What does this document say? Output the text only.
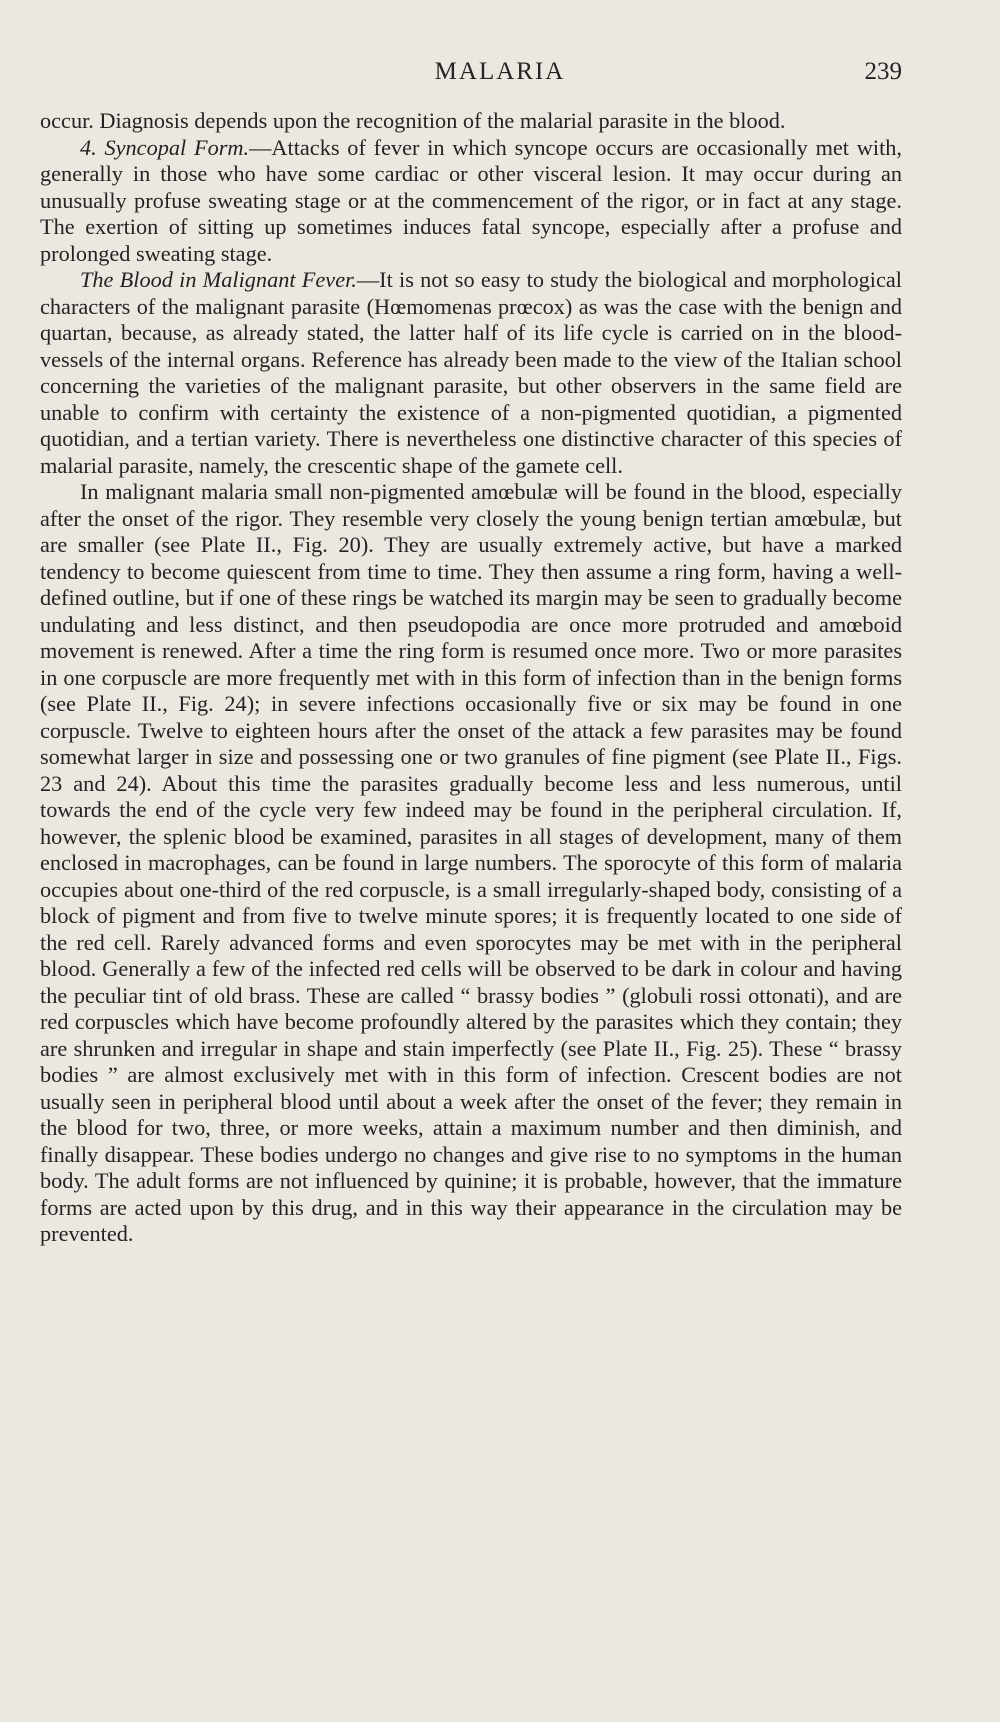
MALARIA	239

occur. Diagnosis depends upon the recognition of the malarial parasite in the blood.

4. Syncopal Form.—Attacks of fever in which syncope occurs are occasionally met with, generally in those who have some cardiac or other visceral lesion. It may occur during an unusually profuse sweating stage or at the commencement of the rigor, or in fact at any stage. The exertion of sitting up sometimes induces fatal syncope, especially after a profuse and prolonged sweating stage.

The Blood in Malignant Fever.—It is not so easy to study the biological and morphological characters of the malignant parasite (Hœmomenas prœcox) as was the case with the benign and quartan, because, as already stated, the latter half of its life cycle is carried on in the blood-vessels of the internal organs. Reference has already been made to the view of the Italian school concerning the varieties of the malignant parasite, but other observers in the same field are unable to confirm with certainty the existence of a non-pigmented quotidian, a pigmented quotidian, and a tertian variety. There is nevertheless one distinctive character of this species of malarial parasite, namely, the crescentic shape of the gamete cell.

In malignant malaria small non-pigmented amœbulæ will be found in the blood, especially after the onset of the rigor. They resemble very closely the young benign tertian amœbulæ, but are smaller (see Plate II., Fig. 20). They are usually extremely active, but have a marked tendency to become quiescent from time to time. They then assume a ring form, having a well-defined outline, but if one of these rings be watched its margin may be seen to gradually become undulating and less distinct, and then pseudopodia are once more protruded and amœboid movement is renewed. After a time the ring form is resumed once more. Two or more parasites in one corpuscle are more frequently met with in this form of infection than in the benign forms (see Plate II., Fig. 24); in severe infections occasionally five or six may be found in one corpuscle. Twelve to eighteen hours after the onset of the attack a few parasites may be found somewhat larger in size and possessing one or two granules of fine pigment (see Plate II., Figs. 23 and 24). About this time the parasites gradually become less and less numerous, until towards the end of the cycle very few indeed may be found in the peripheral circulation. If, however, the splenic blood be examined, parasites in all stages of development, many of them enclosed in macrophages, can be found in large numbers. The sporocyte of this form of malaria occupies about one-third of the red corpuscle, is a small irregularly-shaped body, consisting of a block of pigment and from five to twelve minute spores; it is frequently located to one side of the red cell. Rarely advanced forms and even sporocytes may be met with in the peripheral blood. Generally a few of the infected red cells will be observed to be dark in colour and having the peculiar tint of old brass. These are called “ brassy bodies ” (globuli rossi ottonati), and are red corpuscles which have become profoundly altered by the parasites which they contain; they are shrunken and irregular in shape and stain imperfectly (see Plate II., Fig. 25). These “ brassy bodies ” are almost exclusively met with in this form of infection. Crescent bodies are not usually seen in peripheral blood until about a week after the onset of the fever; they remain in the blood for two, three, or more weeks, attain a maximum number and then diminish, and finally disappear. These bodies undergo no changes and give rise to no symptoms in the human body. The adult forms are not influenced by quinine; it is probable, however, that the immature forms are acted upon by this drug, and in this way their appearance in the circulation may be prevented.
